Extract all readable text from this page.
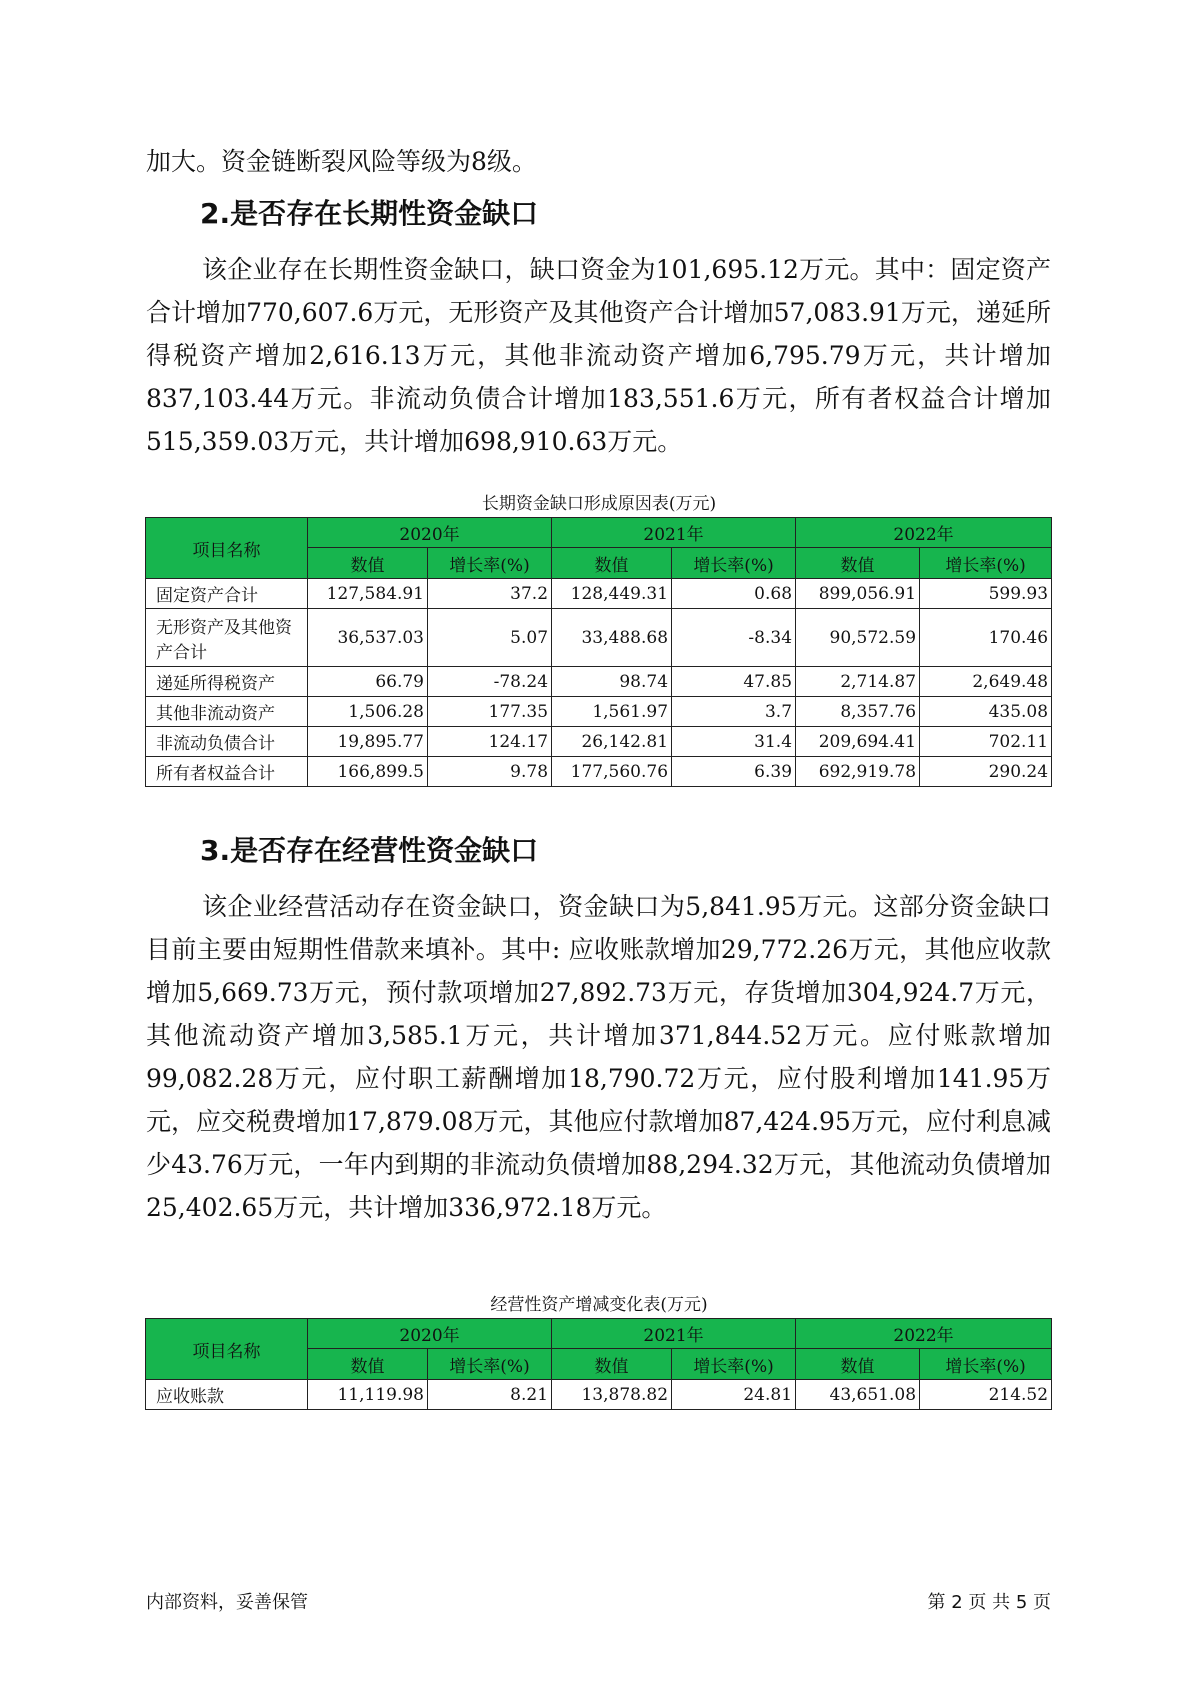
加大。资金链断裂风险等级为8级。

2.是否存在长期性资金缺口

该企业存在长期性资金缺口，缺口资金为101,695.12万元。其中：固定资产合计增加770,607.6万元，无形资产及其他资产合计增加57,083.91万元，递延所得税资产增加2,616.13万元，其他非流动资产增加6,795.79万元，共计增加837,103.44万元。非流动负债合计增加183,551.6万元，所有者权益合计增加515,359.03万元，共计增加698,910.63万元。

长期资金缺口形成原因表(万元)
项目名称	2020年		2021年		2022年	
	数值	增长率(%)	数值	增长率(%)	数值	增长率(%)
固定资产合计	127,584.91	37.2	128,449.31	0.68	899,056.91	599.93
无形资产及其他资产合计	36,537.03	5.07	33,488.68	-8.34	90,572.59	170.46
递延所得税资产	66.79	-78.24	98.74	47.85	2,714.87	2,649.48
其他非流动资产	1,506.28	177.35	1,561.97	3.7	8,357.76	435.08
非流动负债合计	19,895.77	124.17	26,142.81	31.4	209,694.41	702.11
所有者权益合计	166,899.5	9.78	177,560.76	6.39	692,919.78	290.24
3.是否存在经营性资金缺口

该企业经营活动存在资金缺口，资金缺口为5,841.95万元。这部分资金缺口目前主要由短期性借款来填补。其中: 应收账款增加29,772.26万元，其他应收款增加5,669.73万元，预付款项增加27,892.73万元，存货增加304,924.7万元，其他流动资产增加3,585.1万元，共计增加371,844.52万元。应付账款增加99,082.28万元，应付职工薪酬增加18,790.72万元，应付股利增加141.95万元，应交税费增加17,879.08万元，其他应付款增加87,424.95万元，应付利息减少43.76万元，一年内到期的非流动负债增加88,294.32万元，其他流动负债增加25,402.65万元，共计增加336,972.18万元。

经营性资产增减变化表(万元)
项目名称	2020年		2021年		2022年	
	数值	增长率(%)	数值	增长率(%)	数值	增长率(%)
应收账款	11,119.98	8.21	13,878.82	24.81	43,651.08	214.52
内部资料，妥善保管	第 2 页 共 5 页
